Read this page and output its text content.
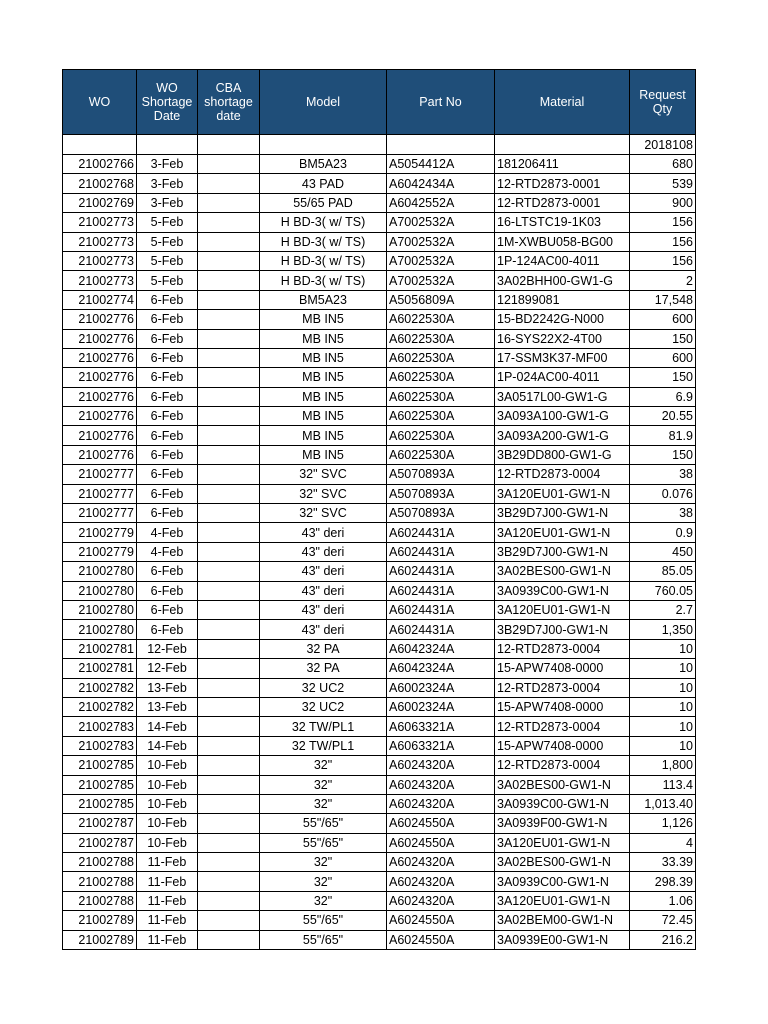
						2018108
WO	WO Shortage Date	CBA shortage date	Model	Part No	Material	Request Qty
21002766	3-Feb		BM5A23	A5054412A	181206411	680
21002768	3-Feb		43 PAD	A6042434A	12-RTD2873-0001	539
21002769	3-Feb		55/65 PAD	A6042552A	12-RTD2873-0001	900
21002773	5-Feb		H BD-3( w/ TS)	A7002532A	16-LTSTC19-1K03	156
21002773	5-Feb		H BD-3( w/ TS)	A7002532A	1M-XWBU058-BG00	156
21002773	5-Feb		H BD-3( w/ TS)	A7002532A	1P-124AC00-4011	156
21002773	5-Feb		H BD-3( w/ TS)	A7002532A	3A02BHH00-GW1-G	2
21002774	6-Feb		BM5A23	A5056809A	121899081	17,548
21002776	6-Feb		MB IN5	A6022530A	15-BD2242G-N000	600
21002776	6-Feb		MB IN5	A6022530A	16-SYS22X2-4T00	150
21002776	6-Feb		MB IN5	A6022530A	17-SSM3K37-MF00	600
21002776	6-Feb		MB IN5	A6022530A	1P-024AC00-4011	150
21002776	6-Feb		MB IN5	A6022530A	3A0517L00-GW1-G	6.9
21002776	6-Feb		MB IN5	A6022530A	3A093A100-GW1-G	20.55
21002776	6-Feb		MB IN5	A6022530A	3A093A200-GW1-G	81.9
21002776	6-Feb		MB IN5	A6022530A	3B29DD800-GW1-G	150
21002777	6-Feb		32" SVC	A5070893A	12-RTD2873-0004	38
21002777	6-Feb		32" SVC	A5070893A	3A120EU01-GW1-N	0.076
21002777	6-Feb		32" SVC	A5070893A	3B29D7J00-GW1-N	38
21002779	4-Feb		43" deri	A6024431A	3A120EU01-GW1-N	0.9
21002779	4-Feb		43" deri	A6024431A	3B29D7J00-GW1-N	450
21002780	6-Feb		43" deri	A6024431A	3A02BES00-GW1-N	85.05
21002780	6-Feb		43" deri	A6024431A	3A0939C00-GW1-N	760.05
21002780	6-Feb		43" deri	A6024431A	3A120EU01-GW1-N	2.7
21002780	6-Feb		43" deri	A6024431A	3B29D7J00-GW1-N	1,350
21002781	12-Feb		32 PA	A6042324A	12-RTD2873-0004	10
21002781	12-Feb		32 PA	A6042324A	15-APW7408-0000	10
21002782	13-Feb		32 UC2	A6002324A	12-RTD2873-0004	10
21002782	13-Feb		32 UC2	A6002324A	15-APW7408-0000	10
21002783	14-Feb		32 TW/PL1	A6063321A	12-RTD2873-0004	10
21002783	14-Feb		32 TW/PL1	A6063321A	15-APW7408-0000	10
21002785	10-Feb		32"	A6024320A	12-RTD2873-0004	1,800
21002785	10-Feb		32"	A6024320A	3A02BES00-GW1-N	113.4
21002785	10-Feb		32"	A6024320A	3A0939C00-GW1-N	1,013.40
21002787	10-Feb		55"/65"	A6024550A	3A0939F00-GW1-N	1,126
21002787	10-Feb		55"/65"	A6024550A	3A120EU01-GW1-N	4
21002788	11-Feb		32"	A6024320A	3A02BES00-GW1-N	33.39
21002788	11-Feb		32"	A6024320A	3A0939C00-GW1-N	298.39
21002788	11-Feb		32"	A6024320A	3A120EU01-GW1-N	1.06
21002789	11-Feb		55"/65"	A6024550A	3A02BEM00-GW1-N	72.45
21002789	11-Feb		55"/65"	A6024550A	3A0939E00-GW1-N	216.2
